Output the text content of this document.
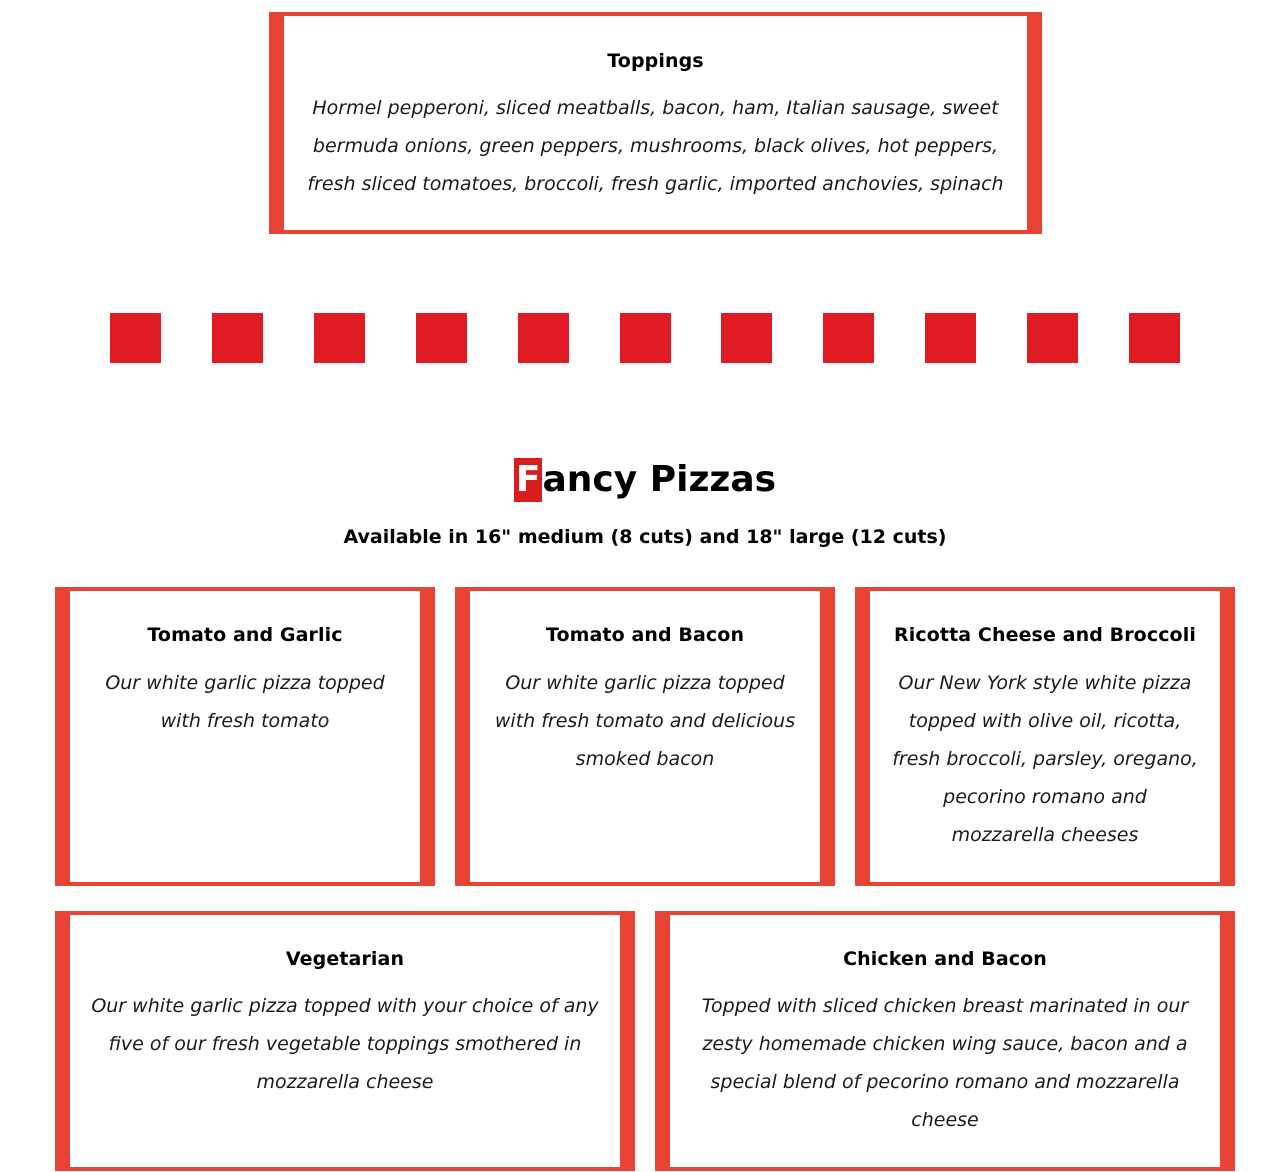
Toppings
Hormel pepperoni, sliced meatballs, bacon, ham, Italian sausage, sweet
bermuda onions, green peppers, mushrooms, black olives, hot peppers,
fresh sliced tomatoes, broccoli, fresh garlic, imported anchovies, spinach
Fancy Pizzas

Available in 16" medium (8 cuts) and 18" large (12 cuts)

Tomato and Garlic
Our white garlic pizza topped
with fresh tomato
Tomato and Bacon
Our white garlic pizza topped
with fresh tomato and delicious
smoked bacon
Ricotta Cheese and Broccoli
Our New York style white pizza
topped with olive oil, ricotta,
fresh broccoli, parsley, oregano,
pecorino romano and
mozzarella cheeses
Vegetarian
Our white garlic pizza topped with your choice of any
five of our fresh vegetable toppings smothered in
mozzarella cheese
Chicken and Bacon
Topped with sliced chicken breast marinated in our
zesty homemade chicken wing sauce, bacon and a
special blend of pecorino romano and mozzarella
cheese
